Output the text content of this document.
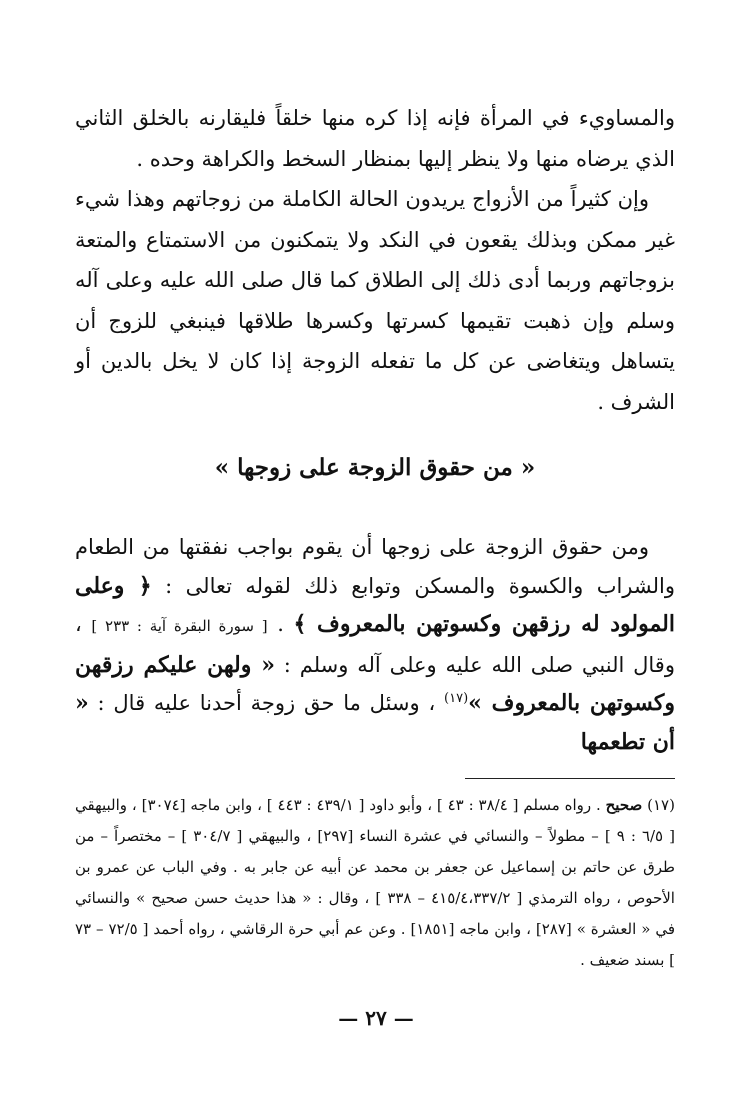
والمساويء في المرأة فإنه إذا كره منها خلقاً فليقارنه بالخلق الثاني الذي يرضاه منها ولا ينظر إليها بمنظار السخط والكراهة وحده .

وإن كثيراً من الأزواج يريدون الحالة الكاملة من زوجاتهم وهذا شيء غير ممكن وبذلك يقعون في النكد ولا يتمكنون من الاستمتاع والمتعة بزوجاتهم وربما أدى ذلك إلى الطلاق كما قال صلى الله عليه وعلى آله وسلم وإن ذهبت تقيمها كسرتها وكسرها طلاقها فينبغي للزوج أن يتساهل ويتغاضى عن كل ما تفعله الزوجة إذا كان لا يخل بالدين أو الشرف .

« من حقوق الزوجة على زوجها »

ومن حقوق الزوجة على زوجها أن يقوم بواجب نفقتها من الطعام والشراب والكسوة والمسكن وتوابع ذلك لقوله تعالى : ﴿ وعلى المولود له رزقهن وكسوتهن بالمعروف ﴾ . [ سورة البقرة آية : ٢٣٣ ] ، وقال النبي صلى الله عليه وعلى آله وسلم : « ولهن عليكم رزقهن وكسوتهن بالمعروف »$^{(١٧)}$ ، وسئل ما حق زوجة أحدنا عليه قال : « أن تطعمها

(١٧) صحيح . رواه مسلم [ ٣٨/٤ : ٤٣ ] ، وأبو داود [ ٤٣٩/١ : ٤٤٣ ] ، وابن ماجه [٣٠٧٤] ، والبيهقي [ ٦/٥ : ٩ ] – مطولاً – والنسائي في عشرة النساء [٢٩٧] ، والبيهقي [ ٣٠٤/٧ ] – مختصراً – من طرق عن حاتم بن إسماعيل عن جعفر بن محمد عن أبيه عن جابر به . وفي الباب عن عمرو بن الأحوص ، رواه الترمذي [ ٤١٥/٤،٣٣٧/٢ – ٣٣٨ ] ، وقال : « هذا حديث حسن صحيح » والنسائي في « العشرة » [٢٨٧] ، وابن ماجه [١٨٥١] . وعن عم أبي حرة الرقاشي ، رواه أحمد [ ٧٢/٥ – ٧٣ ] بسند ضعيف .

— ٢٧ —
